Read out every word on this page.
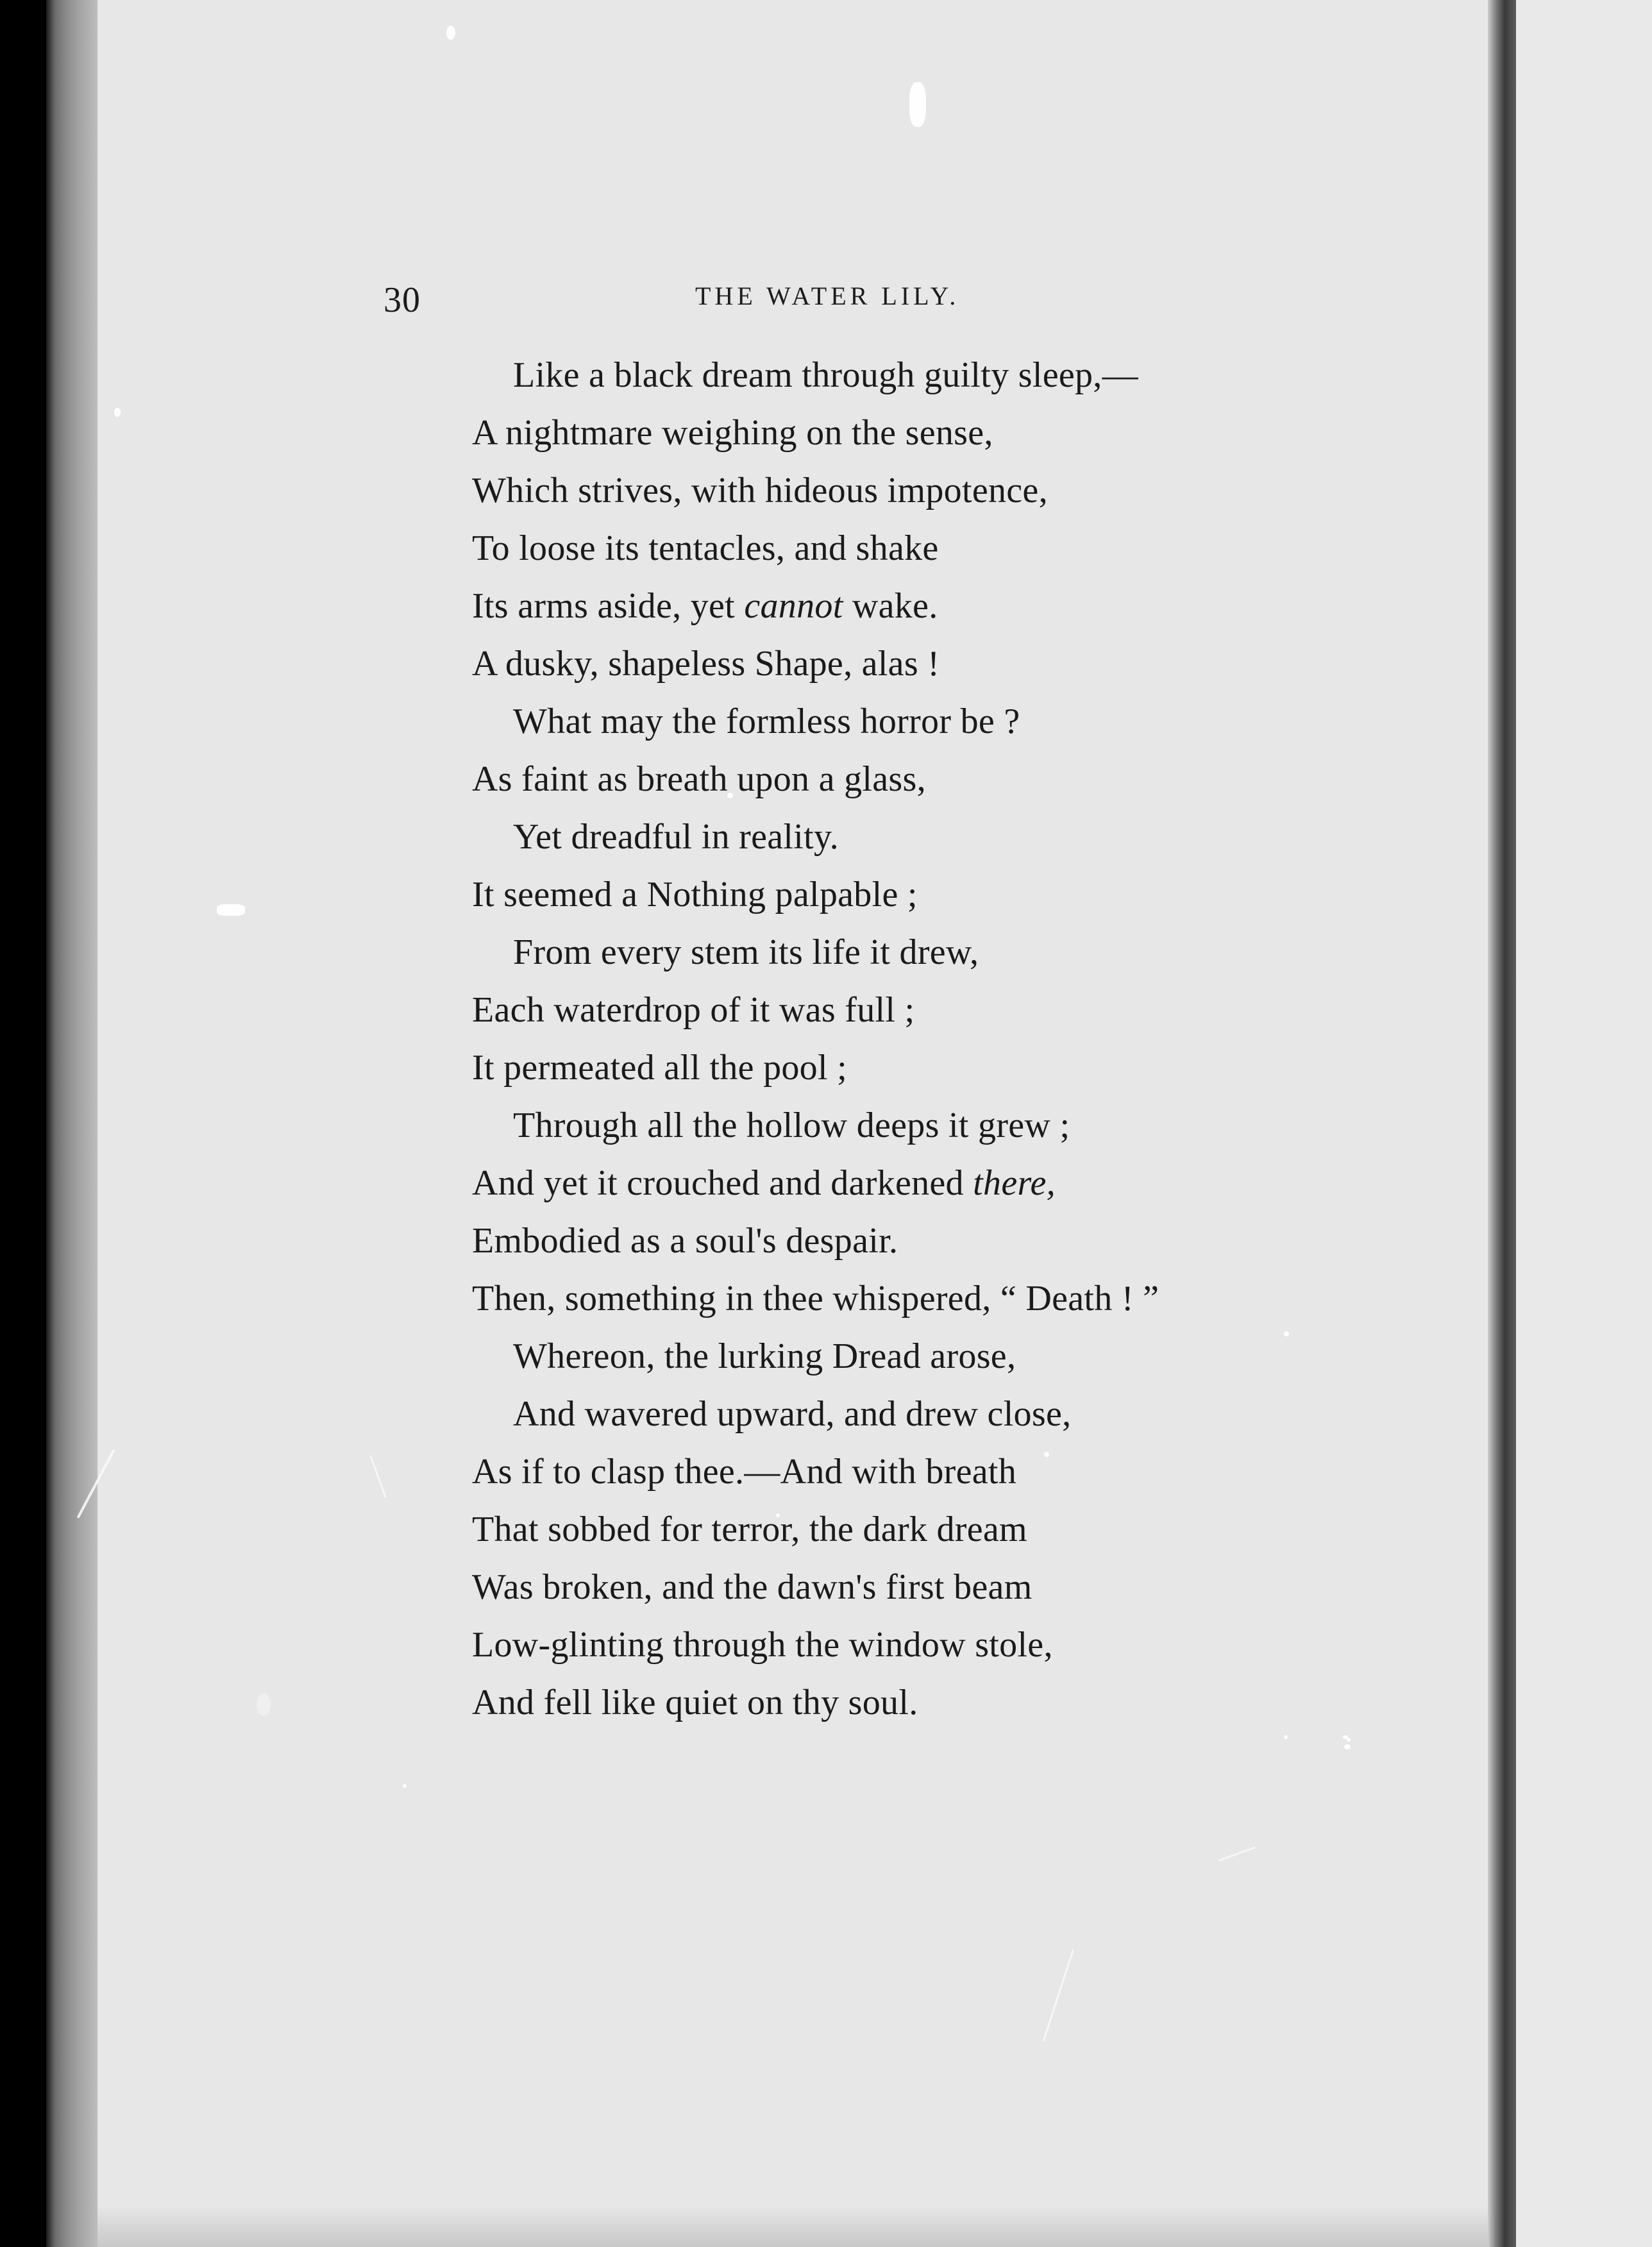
30	THE WATER LILY.
Like a black dream through guilty sleep,—
A nightmare weighing on the sense,
Which strives, with hideous impotence,
To loose its tentacles, and shake
Its arms aside, yet cannot wake.
A dusky, shapeless Shape, alas !
What may the formless horror be ?
As faint as breath upon a glass,
Yet dreadful in reality.
It seemed a Nothing palpable ;
From every stem its life it drew,
Each waterdrop of it was full ;
It permeated all the pool ;
Through all the hollow deeps it grew ;
And yet it crouched and darkened there,
Embodied as a soul's despair.
Then, something in thee whispered, “ Death ! ”
Whereon, the lurking Dread arose,
And wavered upward, and drew close,
As if to clasp thee.—And with breath
That sobbed for terror, the dark dream
Was broken, and the dawn's first beam
Low-glinting through the window stole,
And fell like quiet on thy soul.
